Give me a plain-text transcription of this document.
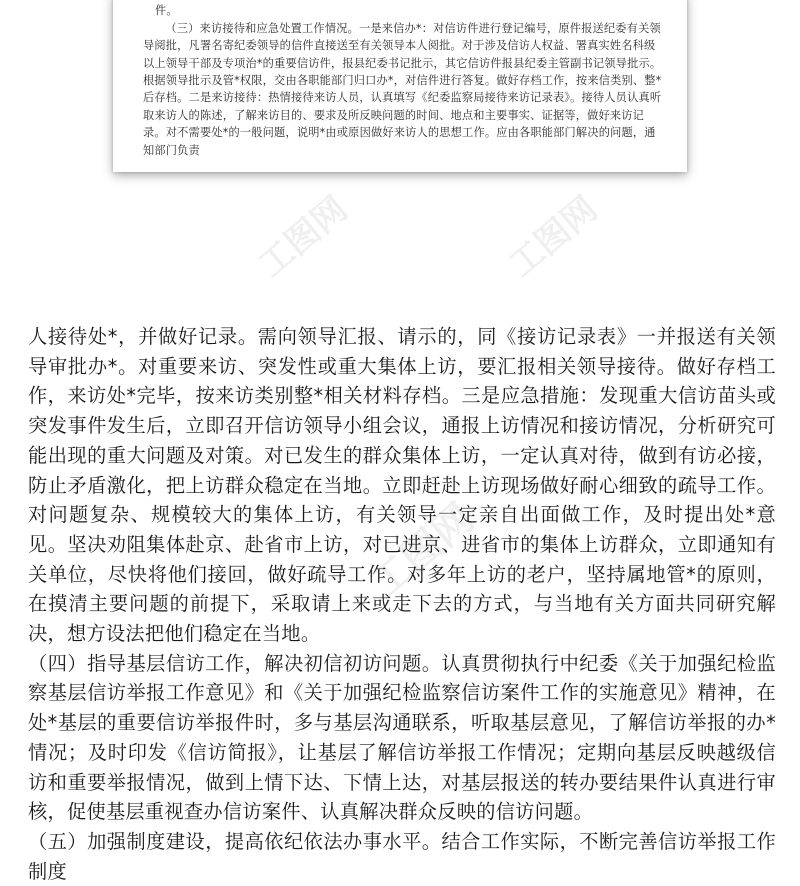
件。

（三）来访接待和应急处置工作情况。一是来信办*：对信访件进行登记编号，原件报送纪委有关领导阅批，凡署名寄纪委领导的信件直接送至有关领导本人阅批。对于涉及信访人权益、署真实姓名科级以上领导干部及专项治*的重要信访件，报县纪委书记批示，其它信访件报县纪委主管副书记领导批示。根据领导批示及管*权限，交由各职能部门归口办*，对信件进行答复。做好存档工作，按来信类别、整*后存档。二是来访接待：热情接待来访人员，认真填写《纪委监察局接待来访记录表》。接待人员认真听取来访人的陈述，了解来访目的、要求及所反映问题的时间、地点和主要事实、证据等，做好来访记录。对不需要处*的一般问题，说明*由或原因做好来访人的思想工作。应由各职能部门解决的问题，通知部门负责

工图网	工图网
工图网

人接待处*，并做好记录。需向领导汇报、请示的，同《接访记录表》一并报送有关领导审批办*。对重要来访、突发性或重大集体上访，要汇报相关领导接待。做好存档工作，来访处*完毕，按来访类别整*相关材料存档。三是应急措施：发现重大信访苗头或突发事件发生后，立即召开信访领导小组会议，通报上访情况和接访情况，分析研究可能出现的重大问题及对策。对已发生的群众集体上访，一定认真对待，做到有访必接，防止矛盾激化，把上访群众稳定在当地。立即赶赴上访现场做好耐心细致的疏导工作。对问题复杂、规模较大的集体上访，有关领导一定亲自出面做工作，及时提出处*意见。坚决劝阻集体赴京、赴省市上访，对已进京、进省市的集体上访群众，立即通知有关单位，尽快将他们接回，做好疏导工作。对多年上访的老户，坚持属地管*的原则，在摸清主要问题的前提下，采取请上来或走下去的方式，与当地有关方面共同研究解决，想方设法把他们稳定在当地。

（四）指导基层信访工作，解决初信初访问题。认真贯彻执行中纪委《关于加强纪检监察基层信访举报工作意见》和《关于加强纪检监察信访案件工作的实施意见》精神，在处*基层的重要信访举报件时，多与基层沟通联系，听取基层意见，了解信访举报的办*情况；及时印发《信访简报》，让基层了解信访举报工作情况；定期向基层反映越级信访和重要举报情况，做到上情下达、下情上达，对基层报送的转办要结果件认真进行审核，促使基层重视查办信访案件、认真解决群众反映的信访问题。

（五）加强制度建设，提高依纪依法办事水平。结合工作实际，不断完善信访举报工作制度
